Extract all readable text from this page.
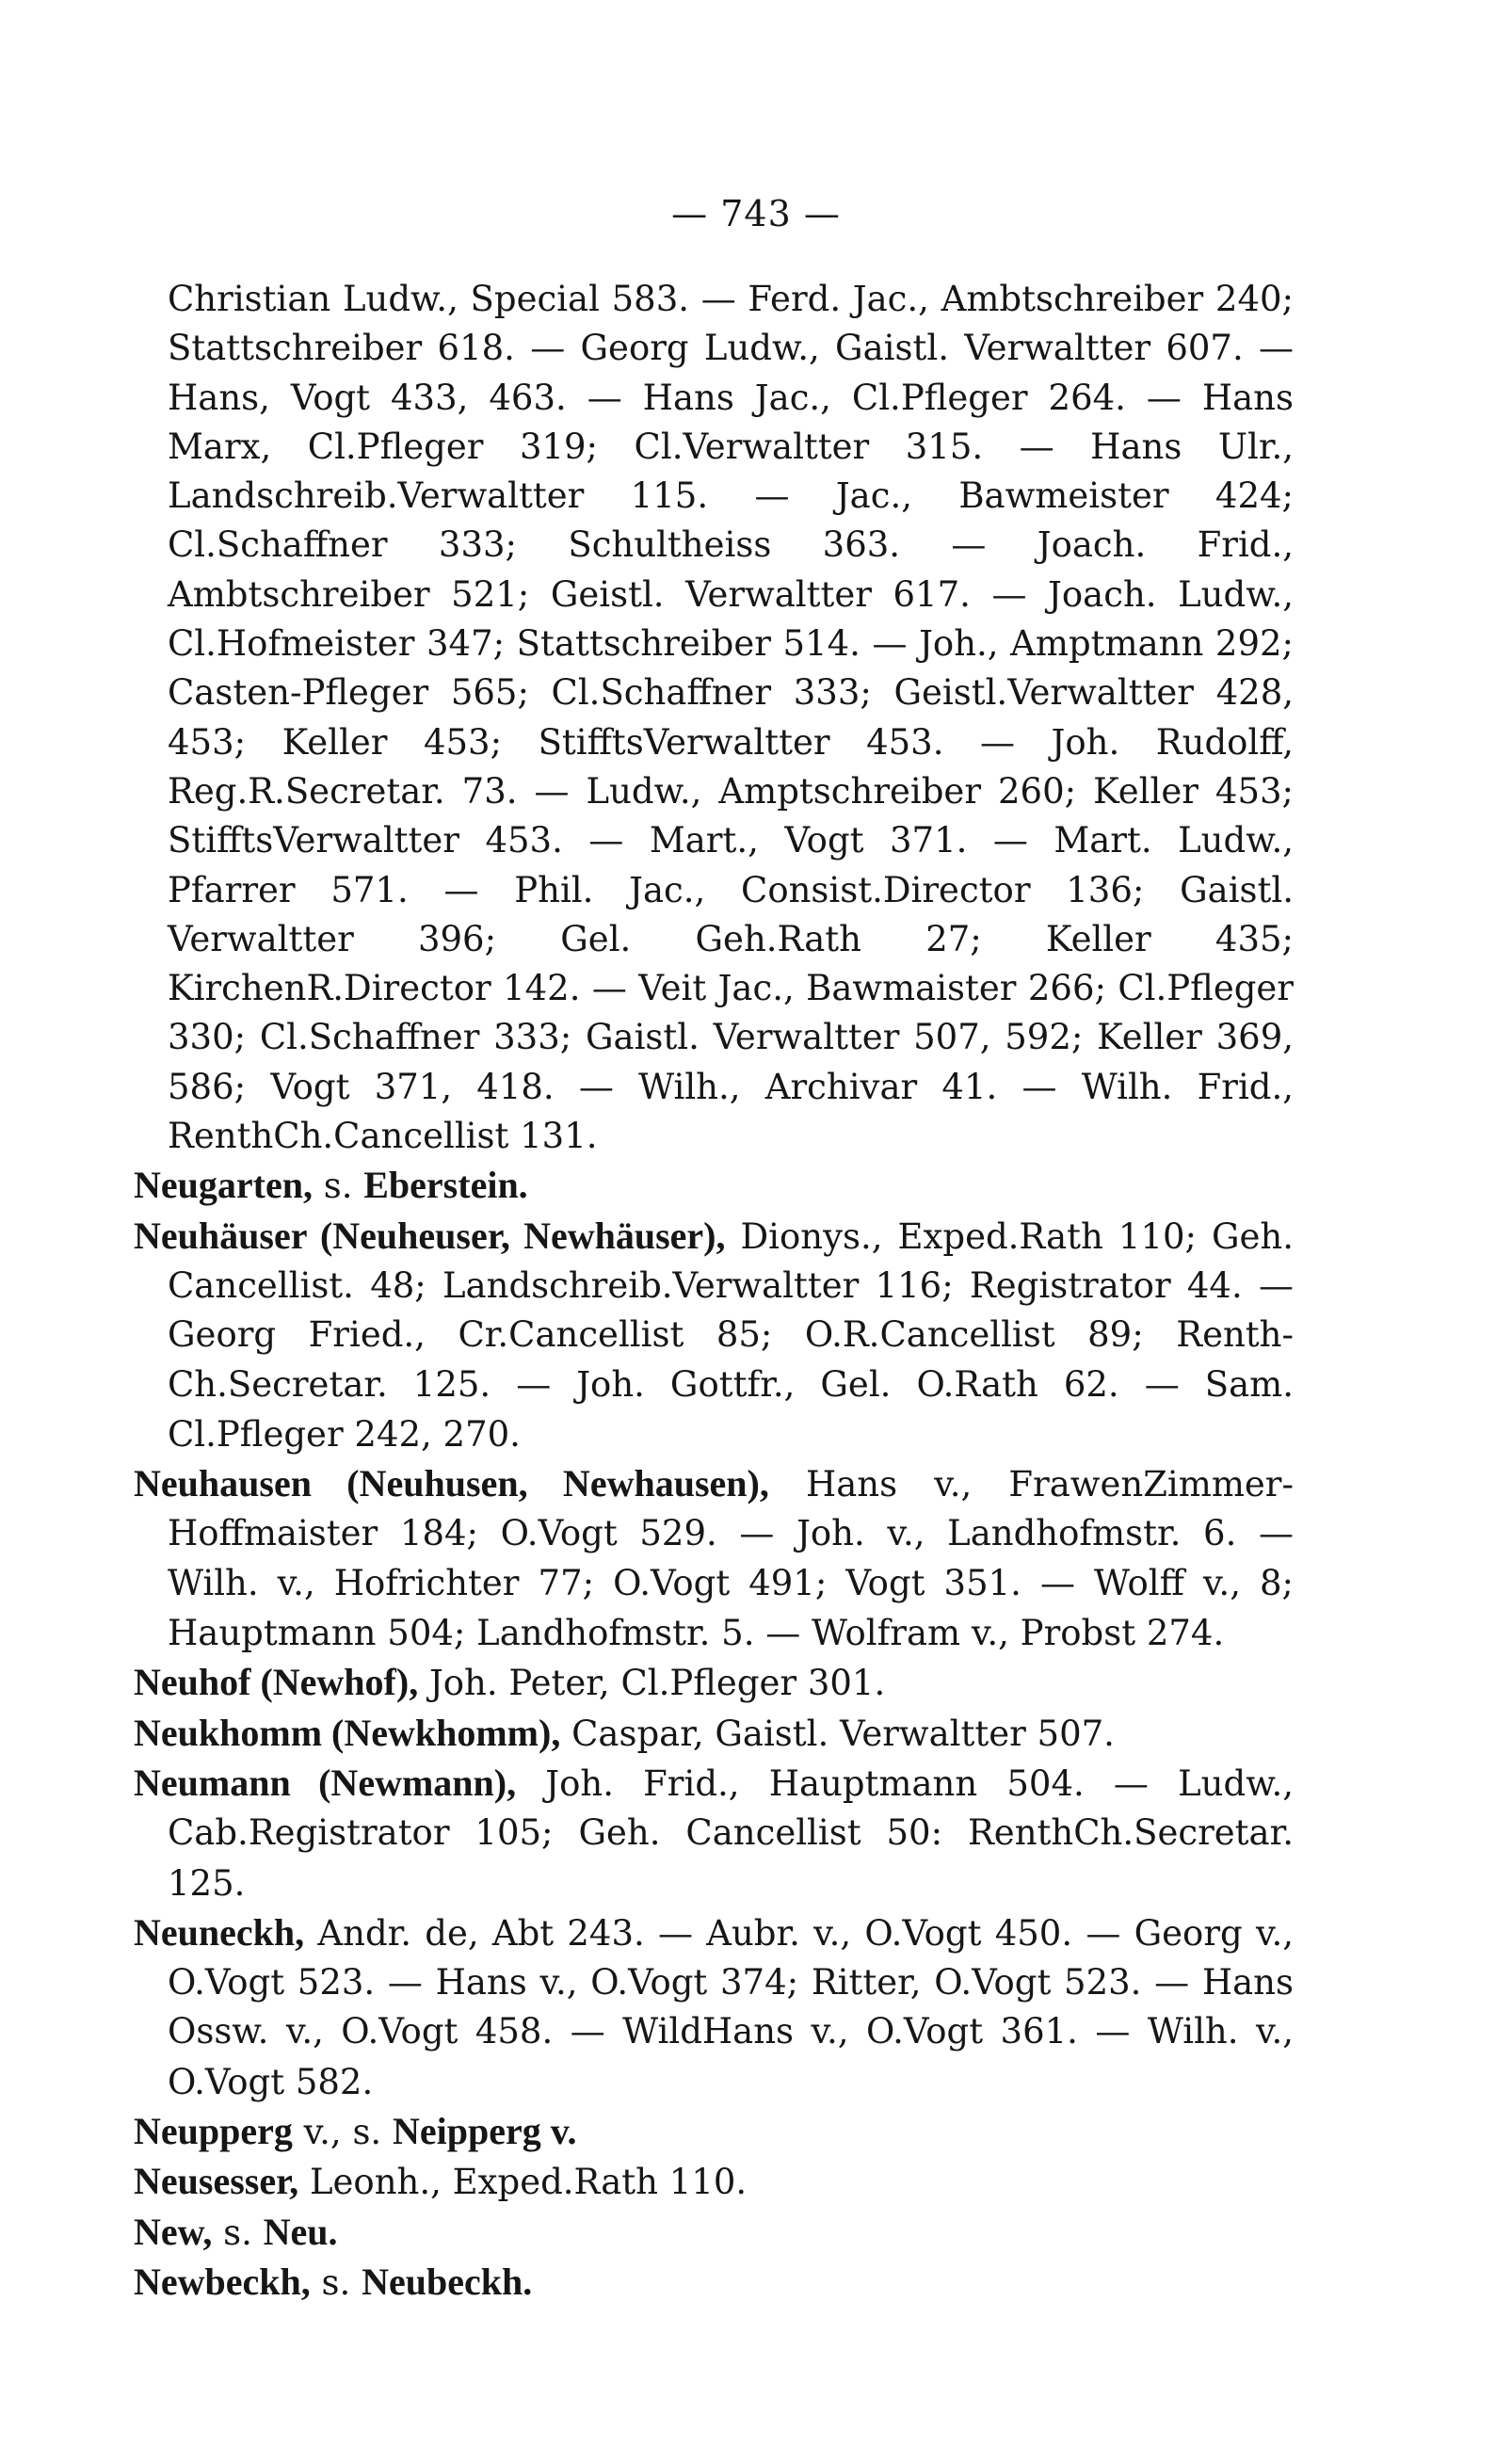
— 743 —

Christian Ludw., Special 583. — Ferd. Jac., Ambtschreiber 240; Stattschreiber 618. — Georg Ludw., Gaistl. Verwaltter 607. — Hans, Vogt 433, 463. — Hans Jac., Cl.Pfleger 264. — Hans Marx, Cl.Pfleger 319; Cl.Verwaltter 315. — Hans Ulr., Landschreib.Verwaltter 115. — Jac., Bawmeister 424; Cl.Schaffner 333; Schultheiss 363. — Joach. Frid., Ambtschreiber 521; Geistl. Verwaltter 617. — Joach. Ludw., Cl.Hofmeister 347; Stattschreiber 514. — Joh., Amptmann 292; Casten-Pfleger 565; Cl.Schaffner 333; Geistl.Verwaltter 428, 453; Keller 453; StifftsVerwaltter 453. — Joh. Rudolff, Reg.R.Secretar. 73. — Ludw., Amptschreiber 260; Keller 453; StifftsVerwaltter 453. — Mart., Vogt 371. — Mart. Ludw., Pfarrer 571. — Phil. Jac., Consist.Director 136; Gaistl. Verwaltter 396; Gel. Geh.Rath 27; Keller 435; KirchenR.Director 142. — Veit Jac., Bawmaister 266; Cl.Pfleger 330; Cl.Schaffner 333; Gaistl. Verwaltter 507, 592; Keller 369, 586; Vogt 371, 418. — Wilh., Archivar 41. — Wilh. Frid., RenthCh.Cancellist 131.

Neugarten, s. Eberstein.

Neuhäuser (Neuheuser, Newhäuser), Dionys., Exped.Rath 110; Geh. Cancellist. 48; Landschreib.Verwaltter 116; Registrator 44. — Georg Fried., Cr.Cancellist 85; O.R.Cancellist 89; Renth-Ch.Secretar. 125. — Joh. Gottfr., Gel. O.Rath 62. — Sam. Cl.Pfleger 242, 270.

Neuhausen (Neuhusen, Newhausen), Hans v., FrawenZimmer-Hoffmaister 184; O.Vogt 529. — Joh. v., Landhofmstr. 6. — Wilh. v., Hofrichter 77; O.Vogt 491; Vogt 351. — Wolff v., 8; Hauptmann 504; Landhofmstr. 5. — Wolfram v., Probst 274.

Neuhof (Newhof), Joh. Peter, Cl.Pfleger 301.

Neukhomm (Newkhomm), Caspar, Gaistl. Verwaltter 507.

Neumann (Newmann), Joh. Frid., Hauptmann 504. — Ludw., Cab.Registrator 105; Geh. Cancellist 50: RenthCh.Secretar. 125.

Neuneckh, Andr. de, Abt 243. — Aubr. v., O.Vogt 450. — Georg v., O.Vogt 523. — Hans v., O.Vogt 374; Ritter, O.Vogt 523. — Hans Ossw. v., O.Vogt 458. — WildHans v., O.Vogt 361. — Wilh. v., O.Vogt 582.

Neupperg v., s. Neipperg v.

Neusesser, Leonh., Exped.Rath 110.

New, s. Neu.

Newbeckh, s. Neubeckh.
